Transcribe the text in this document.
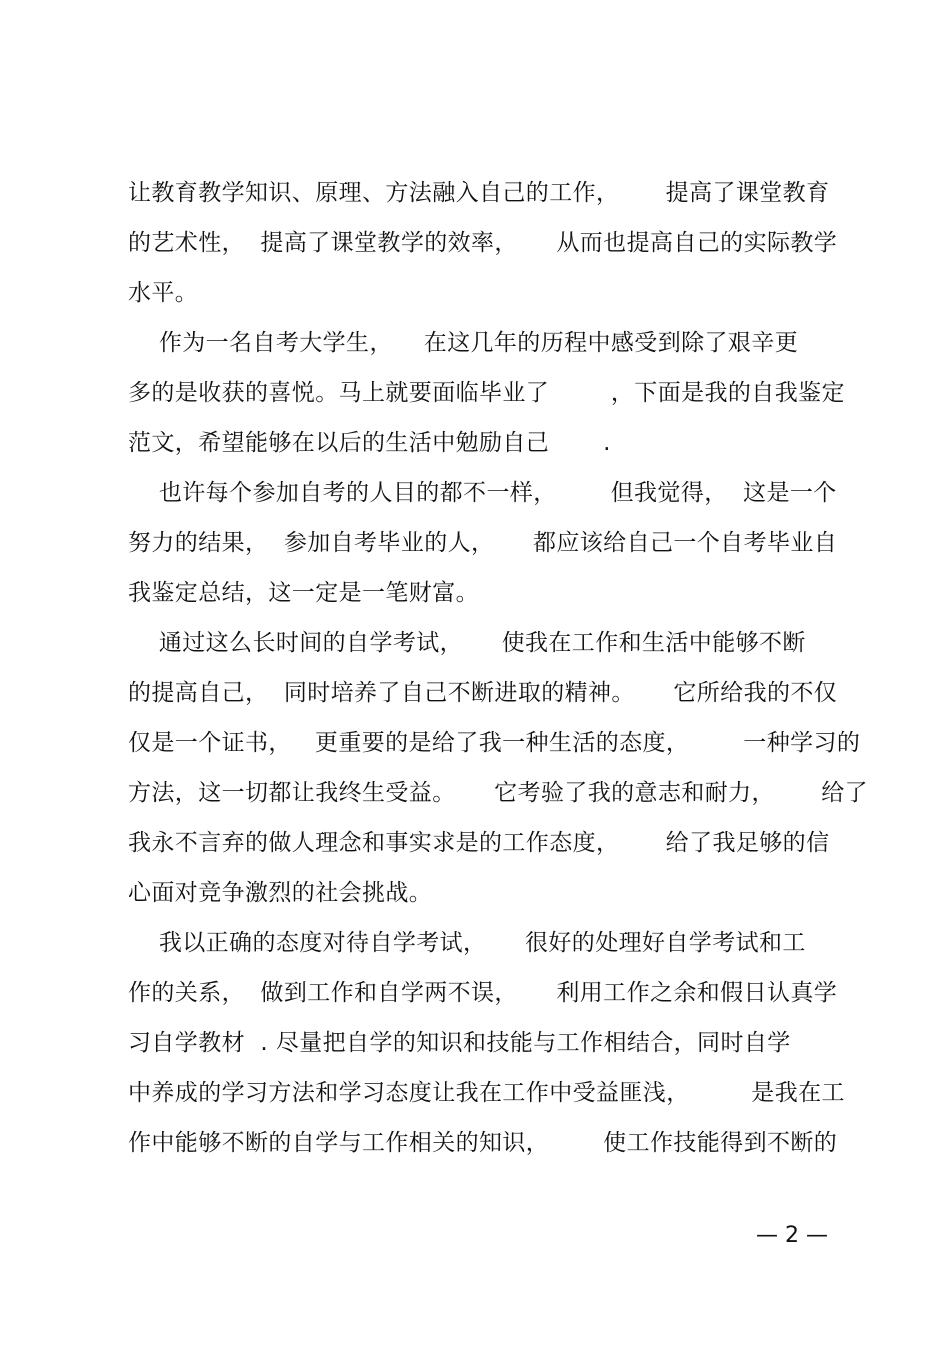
让教育教学知识、原理、方法融入自己的工作，      提高了课堂教育
的艺术性，  提高了课堂教学的效率，     从而也提高自己的实际教学
水平。
作为一名自考大学生，    在这几年的历程中感受到除了艰辛更
多的是收获的喜悦。马上就要面临毕业了        ，下面是我的自我鉴定
范文，希望能够在以后的生活中勉励自己       .
也许每个参加自考的人目的都不一样，       但我觉得，  这是一个
努力的结果，  参加自考毕业的人，     都应该给自己一个自考毕业自
我鉴定总结，这一定是一笔财富。
通过这么长时间的自学考试，     使我在工作和生活中能够不断
的提高自己，  同时培养了自己不断进取的精神。     它所给我的不仅
仅是一个证书，   更重要的是给了我一种生活的态度，       一种学习的
方法，这一切都让我终生受益。     它考验了我的意志和耐力，      给了
我永不言弃的做人理念和事实求是的工作态度，      给了我足够的信
心面对竞争激烈的社会挑战。
我以正确的态度对待自学考试，     很好的处理好自学考试和工
作的关系，  做到工作和自学两不误，     利用工作之余和假日认真学
习自学教材  . 尽量把自学的知识和技能与工作相结合，同时自学
中养成的学习方法和学习态度让我在工作中受益匪浅，        是我在工
作中能够不断的自学与工作相关的知识，       使工作技能得到不断的
— 2 —
